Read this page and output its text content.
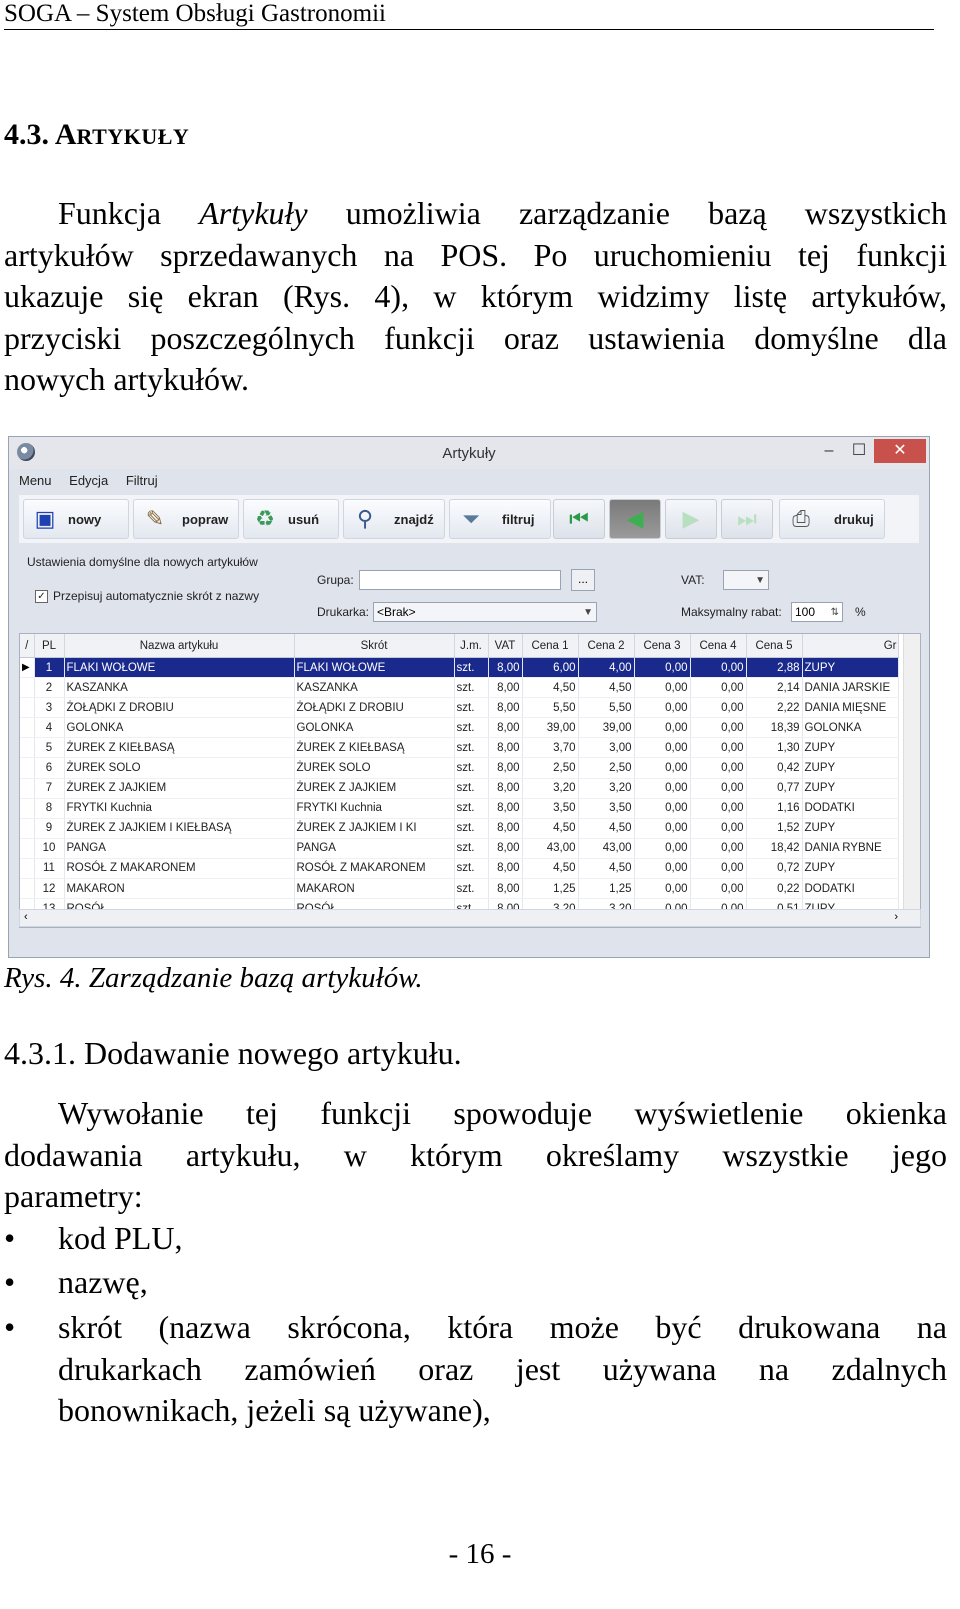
SOGA – System Obsługi Gastronomii
4.3. ARTYKUŁY
Funkcja Artykuły umożliwia zarządzanie bazą wszystkich
artykułów sprzedawanych na POS. Po uruchomieniu tej funkcji
ukazuje się ekran (Rys. 4), w którym widzimy listę artykułów,
przyciski poszczególnych funkcji oraz ustawienia domyślne dla
nowych artykułów.
Artykuły	–	☐	✕
Menu Edycja Filtruj
▣ nowy ✎ popraw ♻ usuń ⚲	znajdź ⏷	filtruj	⏮	◀	▶	⏭	⎙	drukuj
Ustawienia domyślne dla nowych artykułów
✓ Przepisuj automatycznie skrót z nazwy
Grupa:	...
Drukarka: <Brak>	▼
VAT:	▼
Maksymalny rabat:	100 ⇅ %
/	PL	Nazwa artykułu	Skrót	J.m.	VAT	Cena 1	Cena 2	Cena 3	Cena 4	Cena 5	Gr
▶	1	FLAKI WOŁOWE	FLAKI WOŁOWE	szt.	8,00	6,00	4,00	0,00	0,00	2,88	ZUPY
	2	KASZANKA	KASZANKA	szt.	8,00	4,50	4,50	0,00	0,00	2,14	DANIA JARSKIE
	3	ŻOŁĄDKI Z DROBIU	ŻOŁĄDKI Z DROBIU	szt.	8,00	5,50	5,50	0,00	0,00	2,22	DANIA MIĘSNE
	4	GOLONKA	GOLONKA	szt.	8,00	39,00	39,00	0,00	0,00	18,39	GOLONKA
	5	ŻUREK Z KIEŁBASĄ	ŻUREK Z KIEŁBASĄ	szt.	8,00	3,70	3,00	0,00	0,00	1,30	ZUPY
	6	ŻUREK SOLO	ŻUREK SOLO	szt.	8,00	2,50	2,50	0,00	0,00	0,42	ZUPY
	7	ŻUREK Z JAJKIEM	ŻUREK Z JAJKIEM	szt.	8,00	3,20	3,20	0,00	0,00	0,77	ZUPY
	8	FRYTKI Kuchnia	FRYTKI Kuchnia	szt.	8,00	3,50	3,50	0,00	0,00	1,16	DODATKI
	9	ŻUREK Z JAJKIEM I KIEŁBASĄ	ŻUREK Z JAJKIEM I KI	szt.	8,00	4,50	4,50	0,00	0,00	1,52	ZUPY
	10	PANGA	PANGA	szt.	8,00	43,00	43,00	0,00	0,00	18,42	DANIA RYBNE
	11	ROSÓŁ Z MAKARONEM	ROSÓŁ Z MAKARONEM	szt.	8,00	4,50	4,50	0,00	0,00	0,72	ZUPY
	12	MAKARON	MAKARON	szt.	8,00	1,25	1,25	0,00	0,00	0,22	DODATKI

‹	›
Rys. 4. Zarządzanie bazą artykułów.
4.3.1. Dodawanie nowego artykułu.
Wywołanie tej funkcji spowoduje wyświetlenie okienka
dodawania artykułu, w którym określamy wszystkie jego
parametry:
• kod PLU,
• nazwę,
• skrót (nazwa skrócona, która może być drukowana na
drukarkach zamówień oraz jest używana na zdalnych
bonownikach, jeżeli są używane),
- 16 -
